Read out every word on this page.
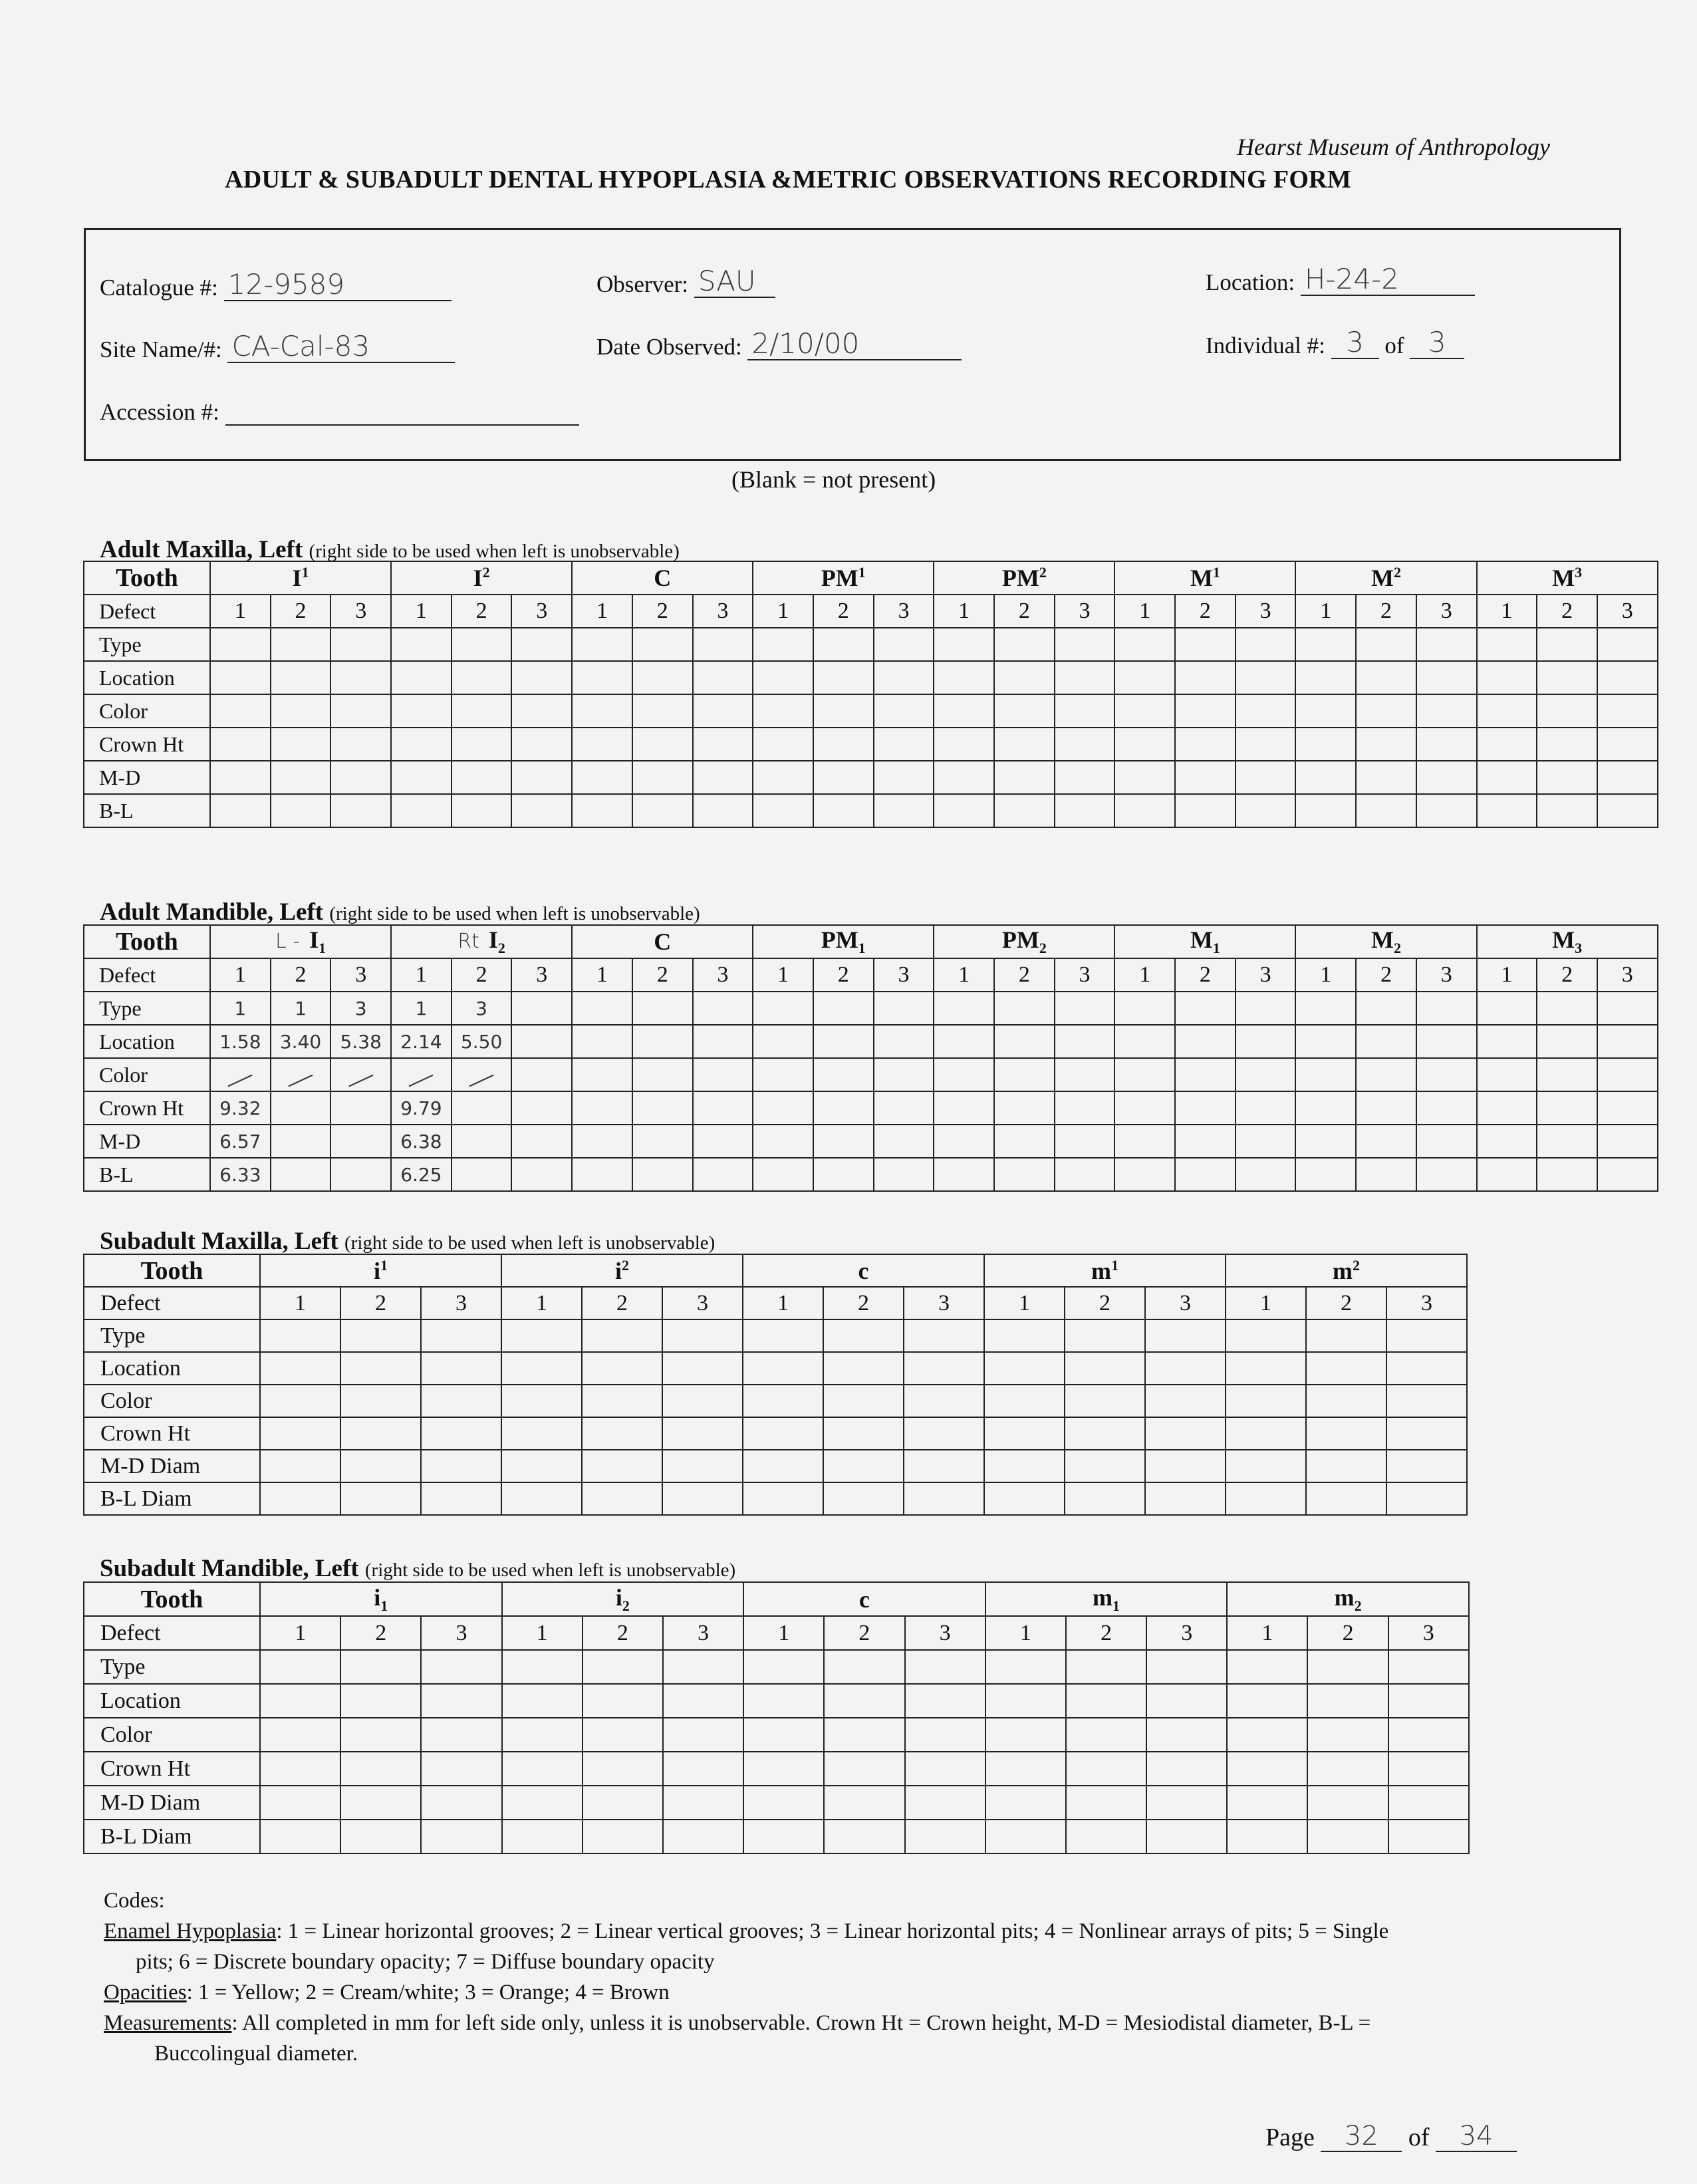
Hearst Museum of Anthropology
ADULT & SUBADULT DENTAL HYPOPLASIA &METRIC OBSERVATIONS RECORDING FORM
Catalogue #: 12-9589	Observer: SAU	Location: H-24-2
Site Name/#: CA-Cal-83	Date Observed: 2/10/00	Individual #: 3 of 3
Accession #:
(Blank = not present)
Adult Maxilla, Left (right side to be used when left is unobservable)
Adult Mandible, Left (right side to be used when left is unobservable)
Subadult Maxilla, Left (right side to be used when left is unobservable)
Subadult Mandible, Left (right side to be used when left is unobservable)
Tooth	$I^1$			$I^2$			C			$PM^1$			$PM^2$			$M^1$			$M^2$			$M^3$
Defect	1	2	3	1	2	3	1	2	3	1	2	3	1	2	3	1	2	3	1	2	3	1	2	3
Type																								
Location																								
Color																								
Crown Ht																								
M-D																								
B-L																								
Tooth	L - $I_1$			Rt $I_2$			C			$PM_1$			$PM_2$			$M_1$			$M_2$			$M_3$
Defect	1	2	3	1	2	3	1	2	3	1	2	3	1	2	3	1	2	3	1	2	3	1	2	3
Type	1	1	3	1	3																			
Location	1.58	3.40	5.38	2.14	5.50																			
Color																								
Crown Ht	9.32			9.79																				
M-D	6.57			6.38																				
B-L	6.33			6.25																				
Tooth	$i^1$			$i^2$			c			$m^1$			$m^2$
Defect	1	2	3	1	2	3	1	2	3	1	2	3	1	2	3
Type															
Location															
Color															
Crown Ht															
M-D Diam															
B-L Diam															
Tooth	$i_1$			$i_2$			c			$m_1$			$m_2$
Defect	1	2	3	1	2	3	1	2	3	1	2	3	1	2	3
Type															
Location															
Color															
Crown Ht															
M-D Diam															
B-L Diam															

Codes:

Enamel Hypoplasia: 1 = Linear horizontal grooves; 2 = Linear vertical grooves; 3 = Linear horizontal pits; 4 = Nonlinear arrays of pits; 5 = Single

pits; 6 = Discrete boundary opacity; 7 = Diffuse boundary opacity

Opacities: 1 = Yellow; 2 = Cream/white; 3 = Orange; 4 = Brown

Measurements: All completed in mm for left side only, unless it is unobservable. Crown Ht = Crown height, M-D = Mesiodistal diameter, B-L =

Buccolingual diameter.

Page 32 of 34
